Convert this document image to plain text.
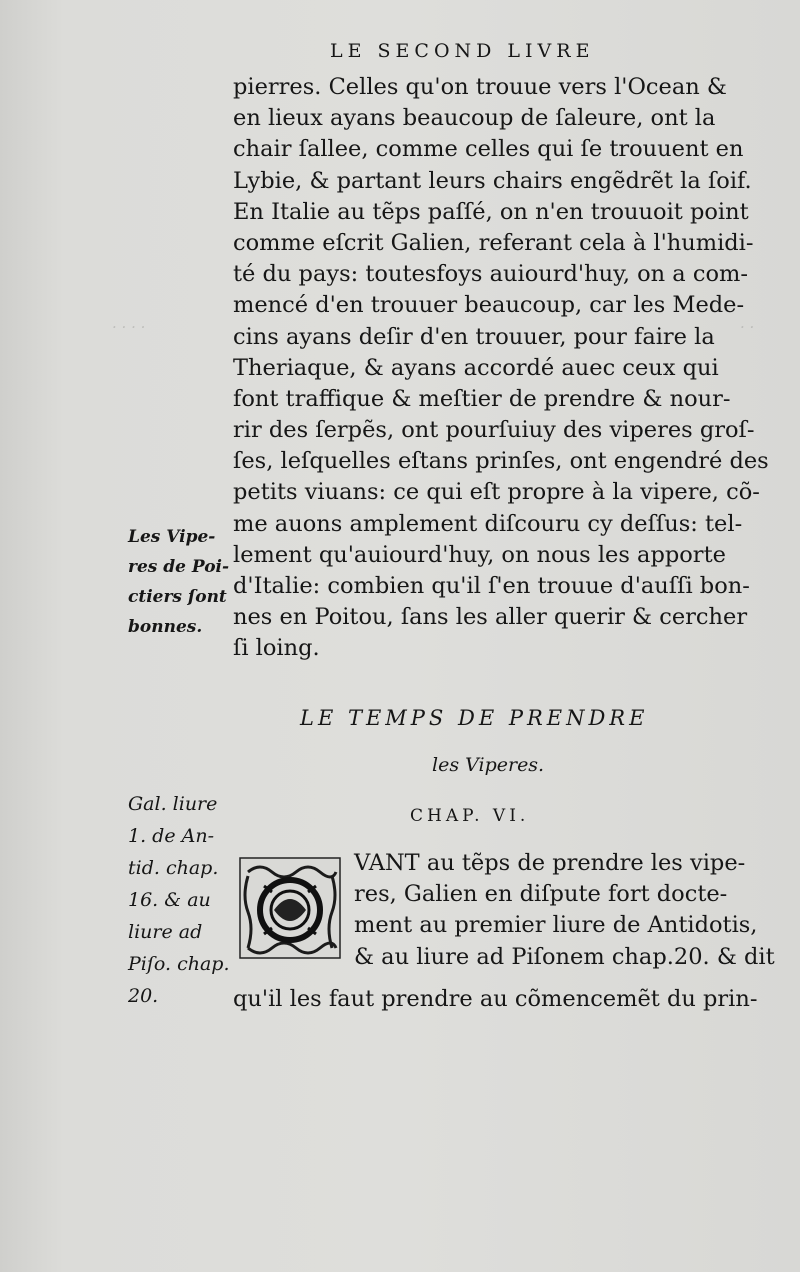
· · · ·	· ·
LE SECOND LIVRE
pierres. Celles qu'on trouue vers l'Ocean &
en lieux ayans beaucoup de ſaleure, ont la
chair ſallee, comme celles qui ſe trouuent en
Lybie, & partant leurs chairs engẽdrẽt la ſoif.
En Italie au tẽps paſſé, on n'en trouuoit point
comme eſcrit Galien, referant cela à l'humidi-
té du pays: toutesfoys auiourd'huy, on a com-
mencé d'en trouuer beaucoup, car les Mede-
cins ayans deſir d'en trouuer, pour faire la
Theriaque, & ayans accordé auec ceux qui
font traffique & meſtier de prendre & nour-
rir des ſerpẽs, ont pourſuiuy des viperes groſ-
ſes, leſquelles eſtans prinſes, ont engendré des
petits viuans: ce qui eſt propre à la vipere, cõ-
me auons amplement diſcouru cy deſſus: tel-
lement qu'auiourd'huy, on nous les apporte
d'Italie: combien qu'il ſ'en trouue d'auſſi bon-
nes en Poitou, ſans les aller querir & cercher
ſi loing.
Les Vipe-
res de Poi-
ctiers ſont
bonnes.
LE TEMPS DE PRENDRE
les Viperes.
CHAP. VI.
Gal. liure
1. de An-
tid. chap.
16. & au
liure ad
Piſo. chap.
20.
VANT au tẽps de prendre les vipe-
res, Galien en diſpute fort docte-
ment au premier liure de Antidotis,
& au liure ad Piſonem chap.20. & dit
qu'il les faut prendre au cõmencemẽt du prin-
